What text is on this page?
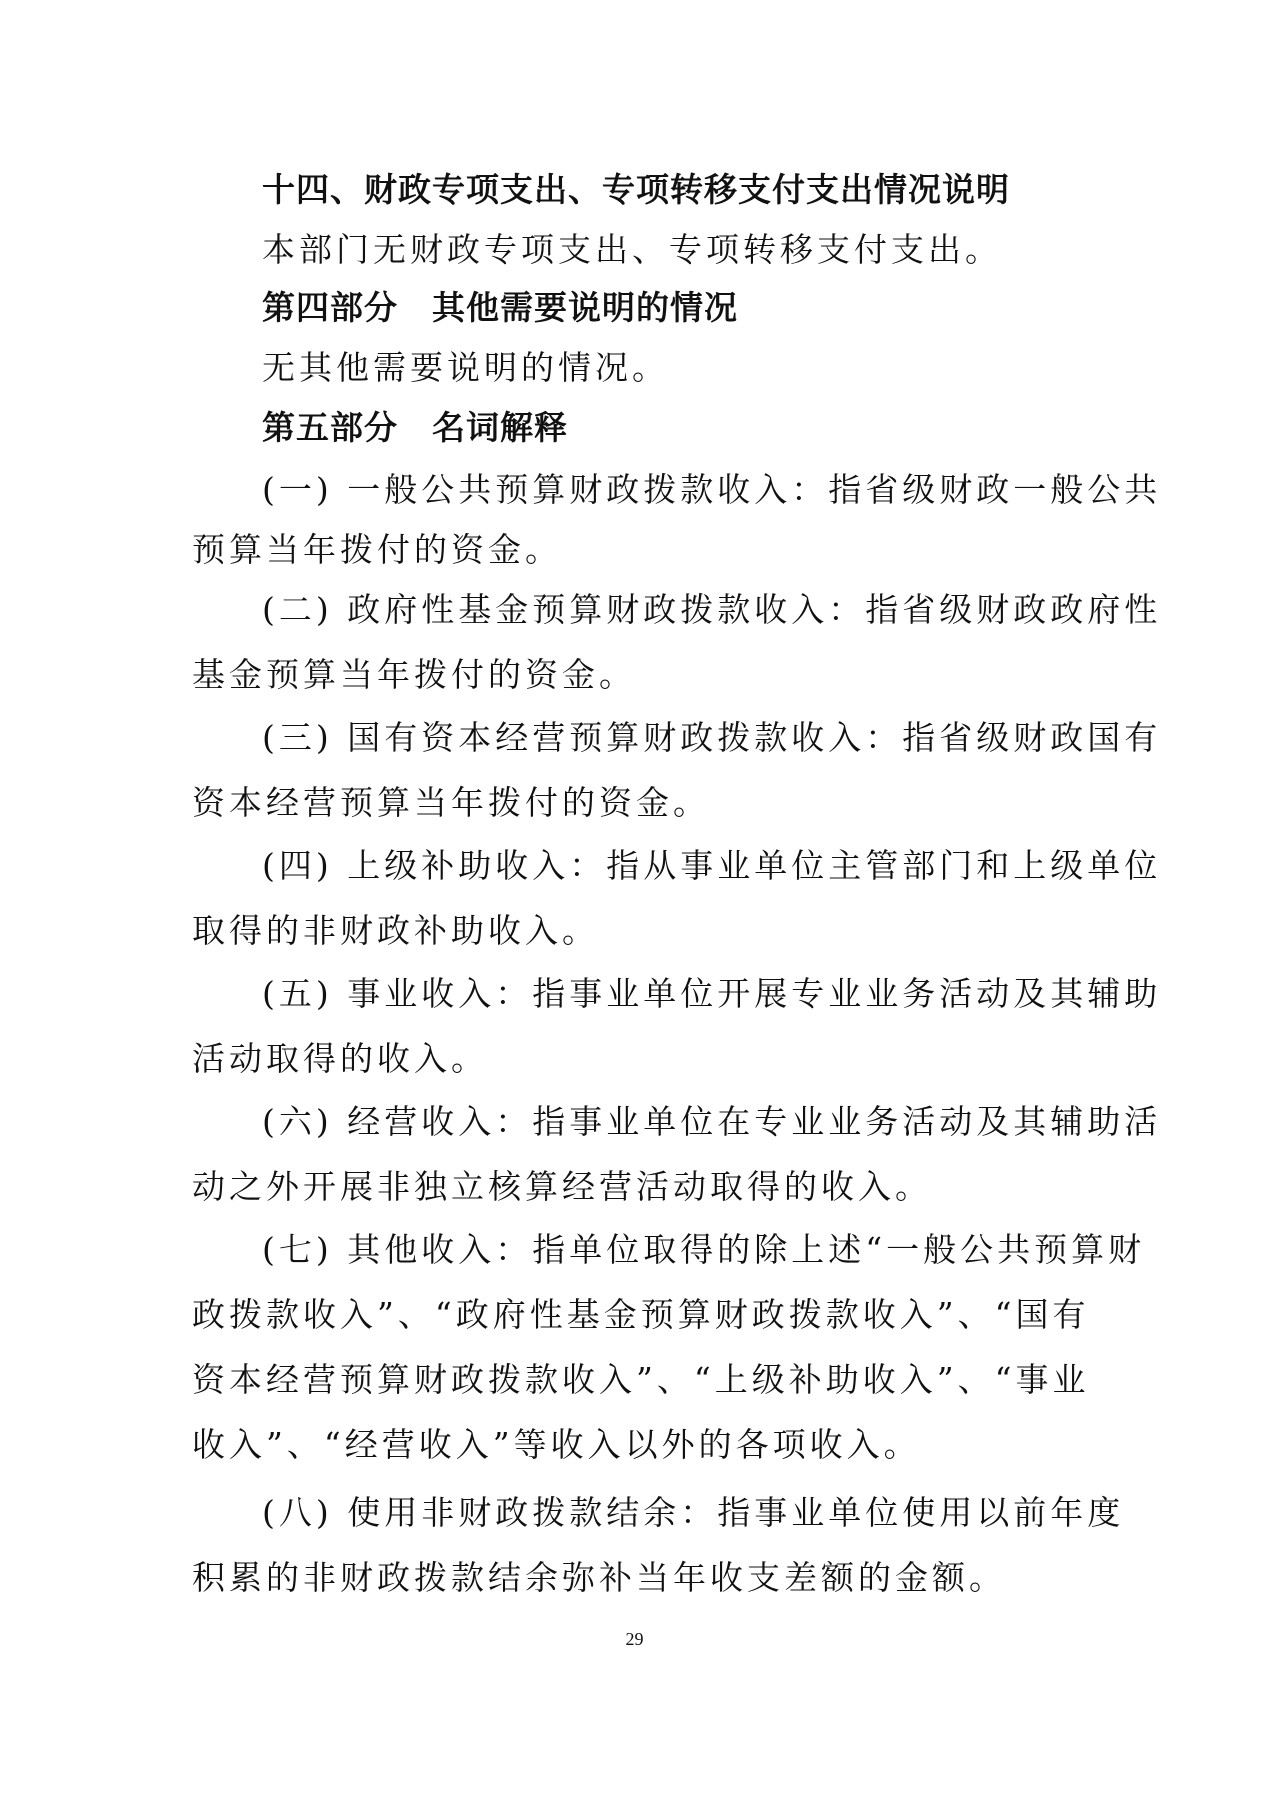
十四、财政专项支出、专项转移支付支出情况说明
本部门无财政专项支出、专项转移支付支出。
第四部分　其他需要说明的情况
无其他需要说明的情况。
第五部分　名词解释
(一) 一般公共预算财政拨款收入：指省级财政一般公共
预算当年拨付的资金。
(二) 政府性基金预算财政拨款收入：指省级财政政府性
基金预算当年拨付的资金。
(三) 国有资本经营预算财政拨款收入：指省级财政国有
资本经营预算当年拨付的资金。
(四) 上级补助收入：指从事业单位主管部门和上级单位
取得的非财政补助收入。
(五) 事业收入：指事业单位开展专业业务活动及其辅助
活动取得的收入。
(六) 经营收入：指事业单位在专业业务活动及其辅助活
动之外开展非独立核算经营活动取得的收入。
(七) 其他收入：指单位取得的除上述“一般公共预算财
政拨款收入”、“政府性基金预算财政拨款收入”、“国有
资本经营预算财政拨款收入”、“上级补助收入”、“事业
收入”、“经营收入”等收入以外的各项收入。
(八) 使用非财政拨款结余：指事业单位使用以前年度
积累的非财政拨款结余弥补当年收支差额的金额。
29
